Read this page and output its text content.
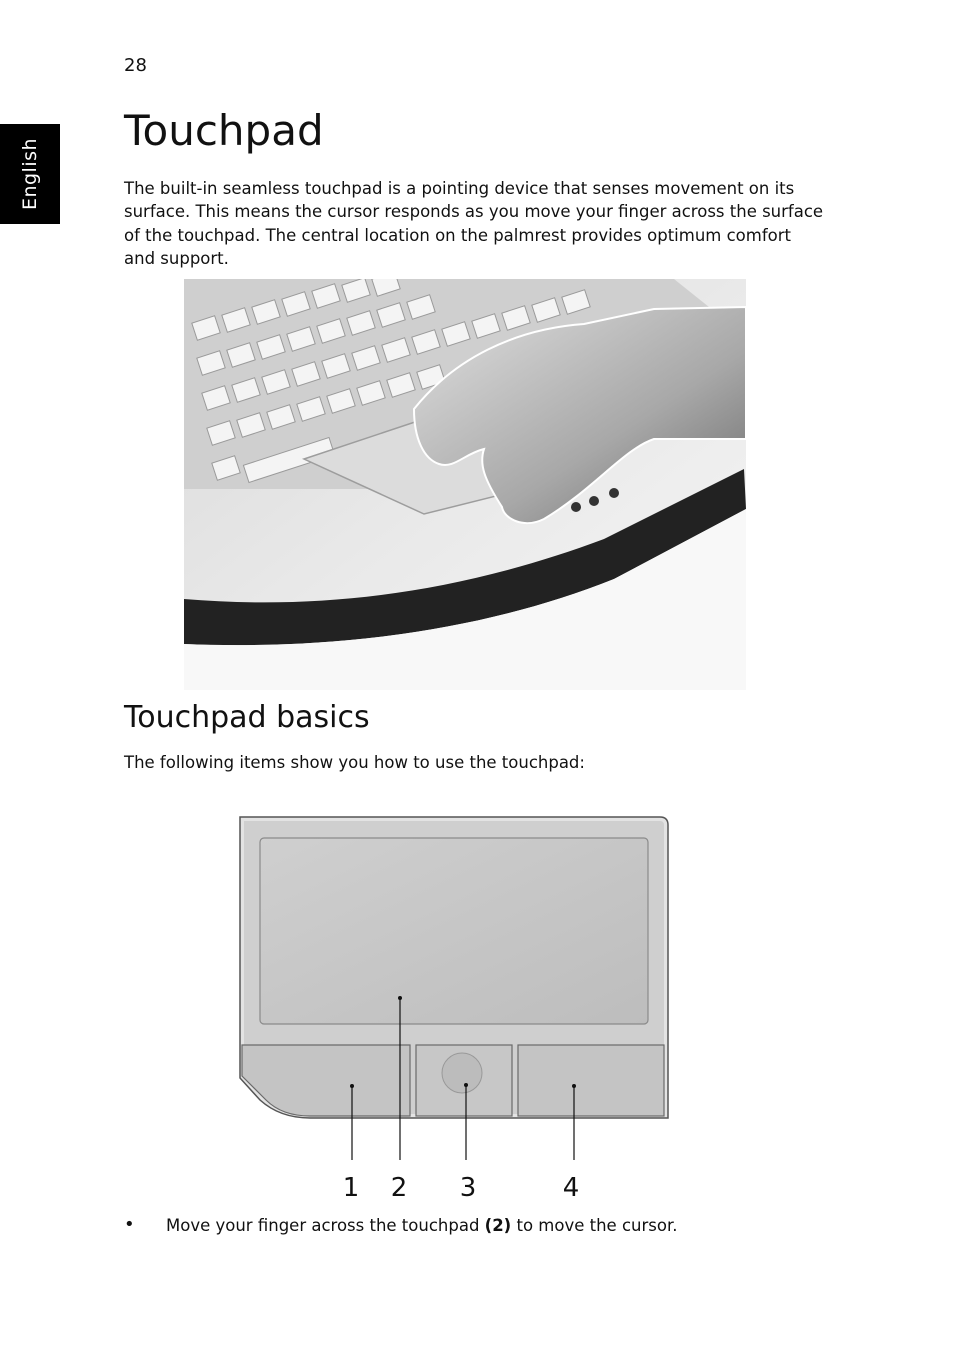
28
English
Touchpad

The built-in seamless touchpad is a pointing device that senses movement on its surface. This means the cursor responds as you move your finger across the surface of the touchpad. The central location on the palmrest provides optimum comfort and support.

Touchpad basics

The following items show you how to use the touchpad:

1 2 3	4
• Move your finger across the touchpad (2) to move the cursor.
